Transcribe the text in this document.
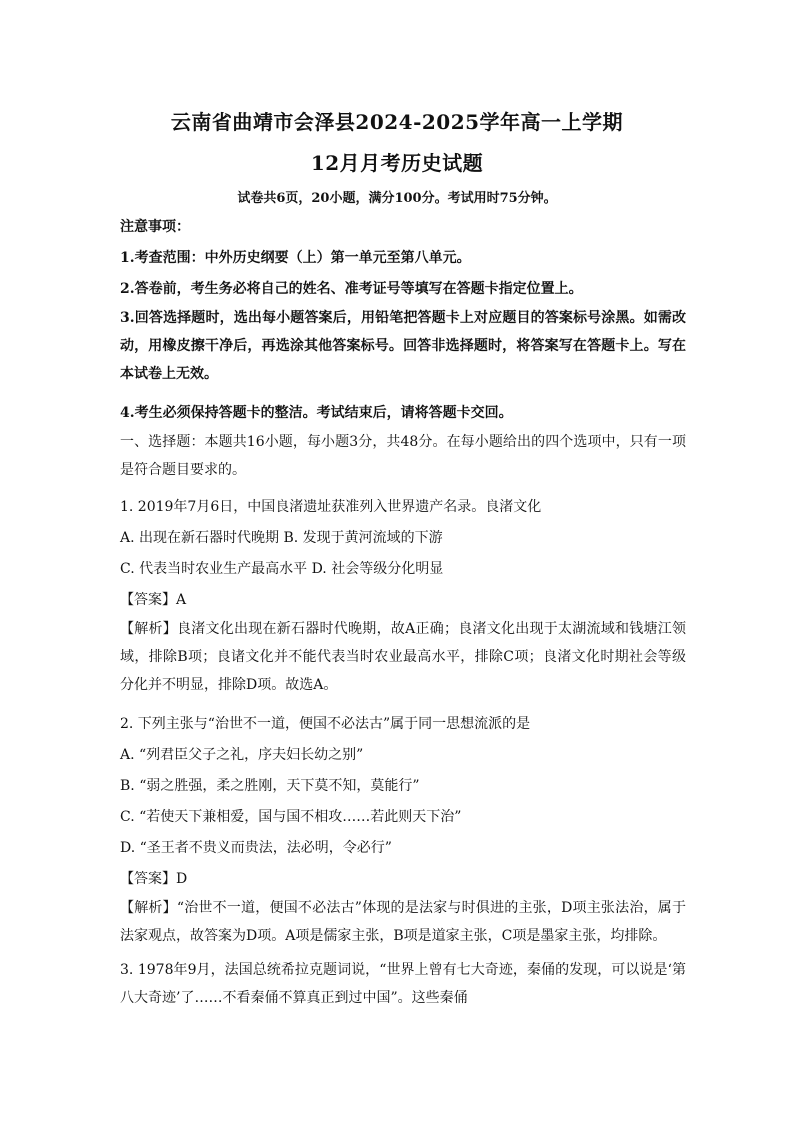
云南省曲靖市会泽县2024-2025学年高一上学期
12月月考历史试题
试卷共6页，20小题，满分100分。考试用时75分钟。
注意事项：
1.考查范围：中外历史纲要（上）第一单元至第八单元。
2.答卷前，考生务必将自己的姓名、准考证号等填写在答题卡指定位置上。
3.回答选择题时，选出每小题答案后，用铅笔把答题卡上对应题目的答案标号涂黑。如需改动，用橡皮擦干净后，再选涂其他答案标号。回答非选择题时，将答案写在答题卡上。写在本试卷上无效。
4.考生必须保持答题卡的整洁。考试结束后，请将答题卡交回。
一、选择题：本题共16小题，每小题3分，共48分。在每小题给出的四个选项中，只有一项是符合题目要求的。
1. 2019年7月6日，中国良渚遗址获准列入世界遗产名录。良渚文化
A. 出现在新石器时代晚期 B. 发现于黄河流域的下游
C. 代表当时农业生产最高水平 D. 社会等级分化明显
【答案】A
【解析】良渚文化出现在新石器时代晚期，故A正确；良渚文化出现于太湖流域和钱塘江领域，排除B项；良诸文化并不能代表当时农业最高水平，排除C项；良渚文化时期社会等级分化并不明显，排除D项。故选A。
2. 下列主张与“治世不一道，便国不必法古”属于同一思想流派的是
A. “列君臣父子之礼，序夫妇长幼之别”
B. “弱之胜强，柔之胜刚，天下莫不知，莫能行”
C. “若使天下兼相爱，国与国不相攻……若此则天下治”
D. “圣王者不贵义而贵法，法必明，令必行”
【答案】D
【解析】“治世不一道，便国不必法古”体现的是法家与时俱进的主张，D项主张法治，属于法家观点，故答案为D项。A项是儒家主张，B项是道家主张，C项是墨家主张，均排除。
3. 1978年9月，法国总统希拉克题词说，“世界上曾有七大奇迹，秦俑的发现，可以说是‘第八大奇迹’了……不看秦俑不算真正到过中国”。这些秦俑
